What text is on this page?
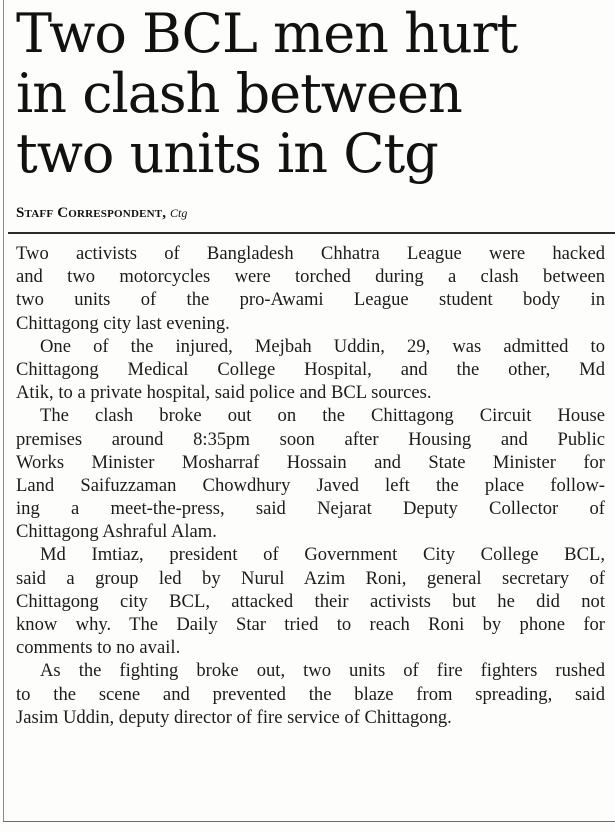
Two BCL men hurt
in clash between
two units in Ctg
Staff Correspondent, Ctg
Two activists of Bangladesh Chhatra League were hacked
and two motorcycles were torched during a clash between
two units of the pro-Awami League student body in
Chittagong city last evening.
One of the injured, Mejbah Uddin, 29, was admitted to
Chittagong Medical College Hospital, and the other, Md
Atik, to a private hospital, said police and BCL sources.
The clash broke out on the Chittagong Circuit House
premises around 8:35pm soon after Housing and Public
Works Minister Mosharraf Hossain and State Minister for
Land Saifuzzaman Chowdhury Javed left the place follow-
ing a meet-the-press, said Nejarat Deputy Collector of
Chittagong Ashraful Alam.
Md Imtiaz, president of Government City College BCL,
said a group led by Nurul Azim Roni, general secretary of
Chittagong city BCL, attacked their activists but he did not
know why. The Daily Star tried to reach Roni by phone for
comments to no avail.
As the fighting broke out, two units of fire fighters rushed
to the scene and prevented the blaze from spreading, said
Jasim Uddin, deputy director of fire service of Chittagong.
